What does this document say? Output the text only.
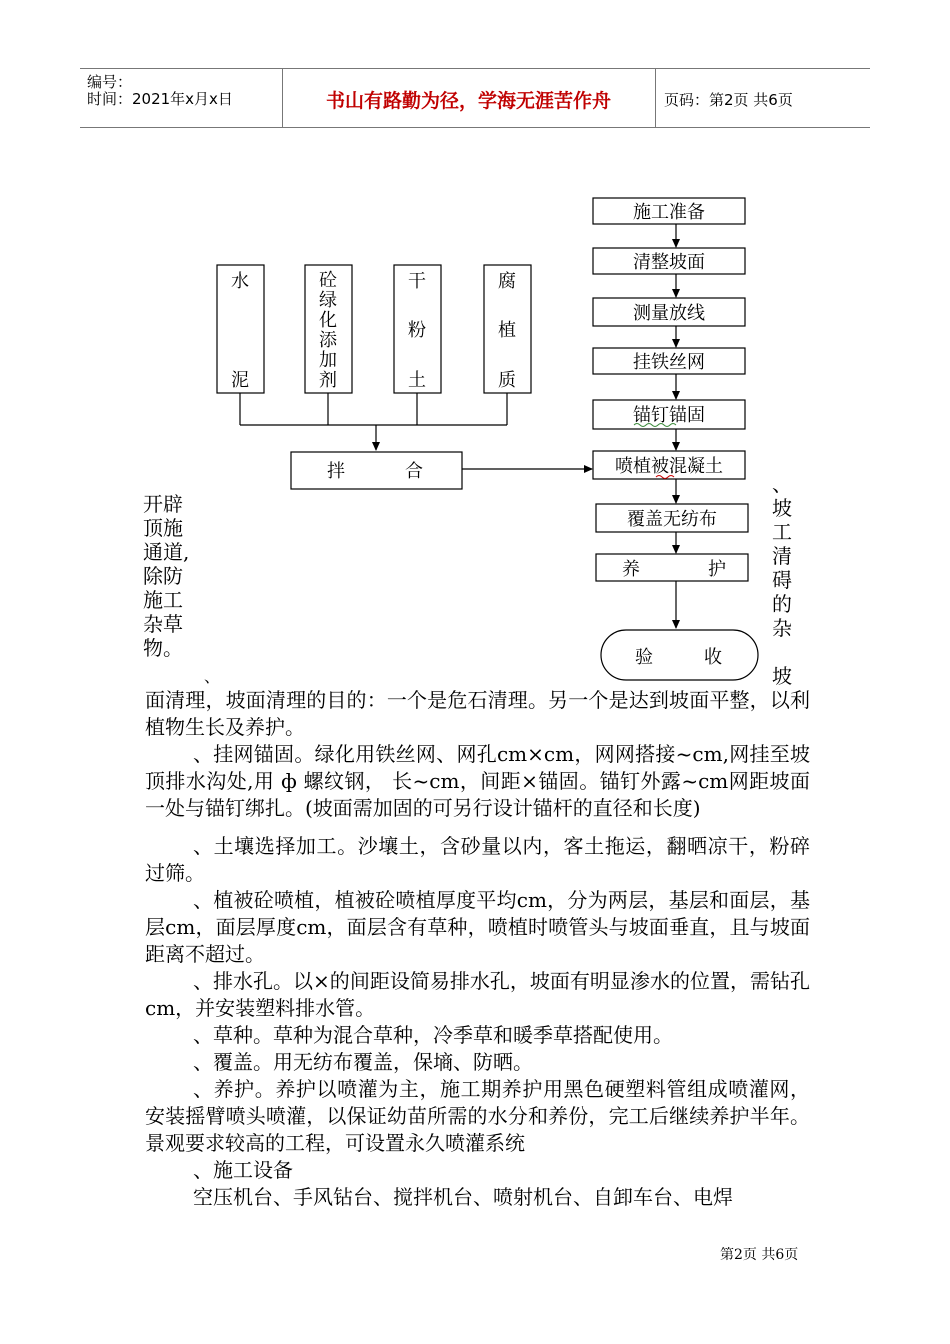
编号：
时间：2021年x月x日	书山有路勤为径，学海无涯苦作舟	页码：第2页 共6页
水
泥
砼
绿
化
添
加
剂
干
粉
土
腐
植
质
拌	合
施工准备
清整坡面
测量放线
挂铁丝网
锚钉锚固
喷植被混凝土
覆盖无纺布
养	护
验	收
开辟
顶施
通道,
除防
施工
杂草
物。
、
、
坡
工
清
碍
的
杂

坡

面清理，坡面清理的目的：一个是危石清理。另一个是达到坡面平整，以利植物生长及养护。

、挂网锚固。绿化用铁丝网、网孔cm×cm，网网搭接~cm,网挂至坡顶排水沟处,用 ф 螺纹钢， 长~cm，间距×锚固。锚钉外露~cm网距坡面一处与锚钉绑扎。(坡面需加固的可另行设计锚杆的直径和长度)

、土壤选择加工。沙壤土，含砂量以内，客土拖运，翻晒凉干，粉碎过筛。

、植被砼喷植，植被砼喷植厚度平均cm，分为两层，基层和面层，基层cm，面层厚度cm，面层含有草种，喷植时喷管头与坡面垂直，且与坡面距离不超过。

、排水孔。以×的间距设简易排水孔，坡面有明显渗水的位置，需钻孔cm，并安装塑料排水管。

、草种。草种为混合草种，冷季草和暖季草搭配使用。

、覆盖。用无纺布覆盖，保墒、防晒。

、养护。养护以喷灌为主，施工期养护用黑色硬塑料管组成喷灌网，安装摇臂喷头喷灌，以保证幼苗所需的水分和养份，完工后继续养护半年。景观要求较高的工程，可设置永久喷灌系统

、施工设备

空压机台、手风钻台、搅拌机台、喷射机台、自卸车台、电焊

第2页 共6页
